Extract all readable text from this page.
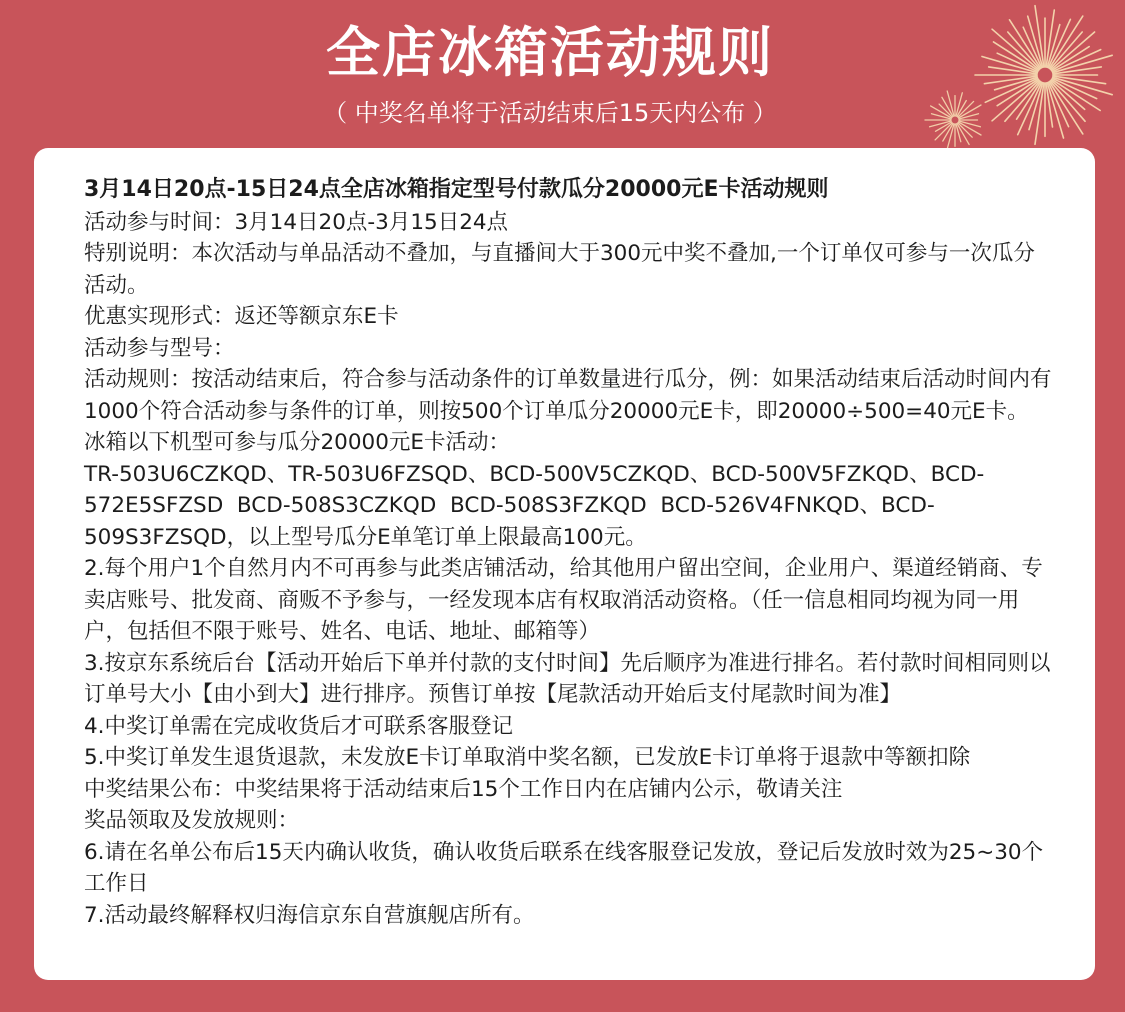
全店冰箱活动规则
（ 中奖名单将于活动结束后15天内公布 ）
3月14日20点-15日24点全店冰箱指定型号付款瓜分20000元E卡活动规则
活动参与时间：3月14日20点-3月15日24点
特别说明：本次活动与单品活动不叠加，与直播间大于300元中奖不叠加,一个订单仅可参与一次瓜分活动。
优惠实现形式：返还等额京东E卡
活动参与型号：
活动规则：按活动结束后，符合参与活动条件的订单数量进行瓜分，例：如果活动结束后活动时间内有1000个符合活动参与条件的订单，则按500个订单瓜分20000元E卡，即20000÷500=40元E卡。
冰箱以下机型可参与瓜分20000元E卡活动：
TR-503U6CZKQD、TR-503U6FZSQD、BCD-500V5CZKQD、BCD-500V5FZKQD、BCD-572E5SFZSD  BCD-508S3CZKQD  BCD-508S3FZKQD  BCD-526V4FNKQD、BCD-509S3FZSQD，以上型号瓜分E单笔订单上限最高100元。
2.每个用户1个自然月内不可再参与此类店铺活动，给其他用户留出空间，企业用户、渠道经销商、专卖店账号、批发商、商贩不予参与，一经发现本店有权取消活动资格。（任一信息相同均视为同一用户，包括但不限于账号、姓名、电话、地址、邮箱等）
3.按京东系统后台【活动开始后下单并付款的支付时间】先后顺序为准进行排名。若付款时间相同则以订单号大小【由小到大】进行排序。预售订单按【尾款活动开始后支付尾款时间为准】
4.中奖订单需在完成收货后才可联系客服登记
5.中奖订单发生退货退款，未发放E卡订单取消中奖名额，已发放E卡订单将于退款中等额扣除
中奖结果公布：中奖结果将于活动结束后15个工作日内在店铺内公示，敬请关注
奖品领取及发放规则：
6.请在名单公布后15天内确认收货，确认收货后联系在线客服登记发放，登记后发放时效为25~30个工作日
7.活动最终解释权归海信京东自营旗舰店所有。
